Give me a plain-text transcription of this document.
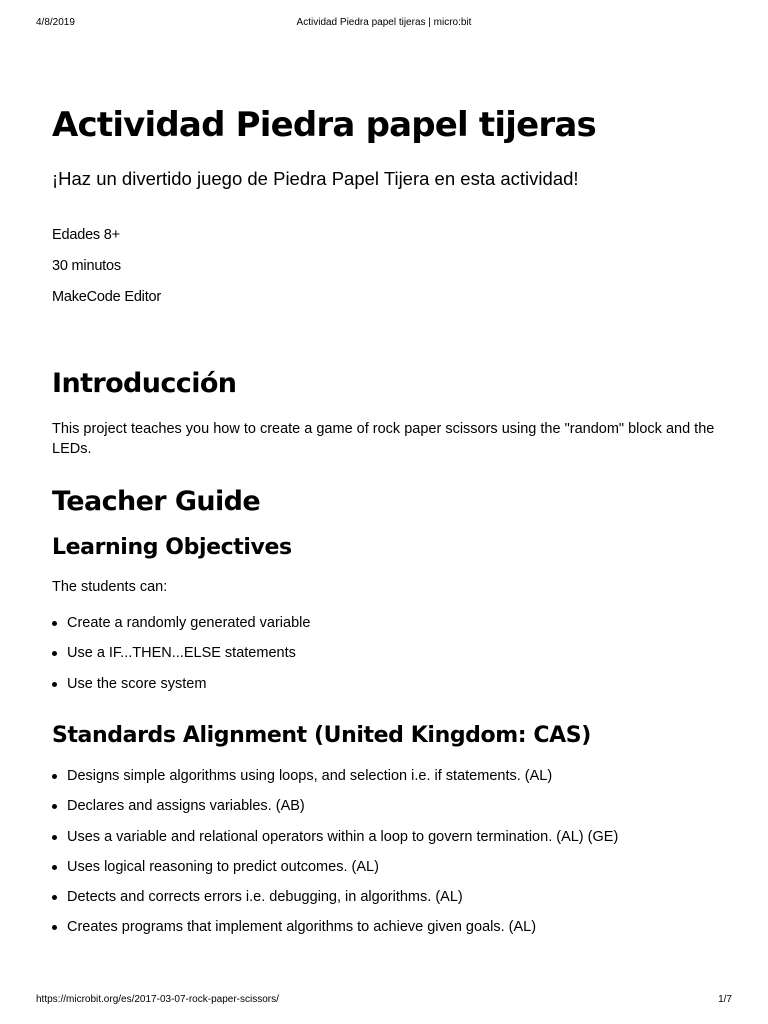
4/8/2019	Actividad Piedra papel tijeras | micro:bit
Actividad Piedra papel tijeras

¡Haz un divertido juego de Piedra Papel Tijera en esta actividad!

Edades 8+

30 minutos

MakeCode Editor

Introducción

This project teaches you how to create a game of rock paper scissors using the "random" block and the LEDs.

Teacher Guide
Learning Objectives

The students can:

Create a randomly generated variable
Use a IF...THEN...ELSE statements
Use the score system
Standards Alignment (United Kingdom: CAS)
Designs simple algorithms using loops, and selection i.e. if statements. (AL)
Declares and assigns variables. (AB)
Uses a variable and relational operators within a loop to govern termination. (AL) (GE)
Uses logical reasoning to predict outcomes. (AL)
Detects and corrects errors i.e. debugging, in algorithms. (AL)
Creates programs that implement algorithms to achieve given goals. (AL)
https://microbit.org/es/2017-03-07-rock-paper-scissors/	1/7
